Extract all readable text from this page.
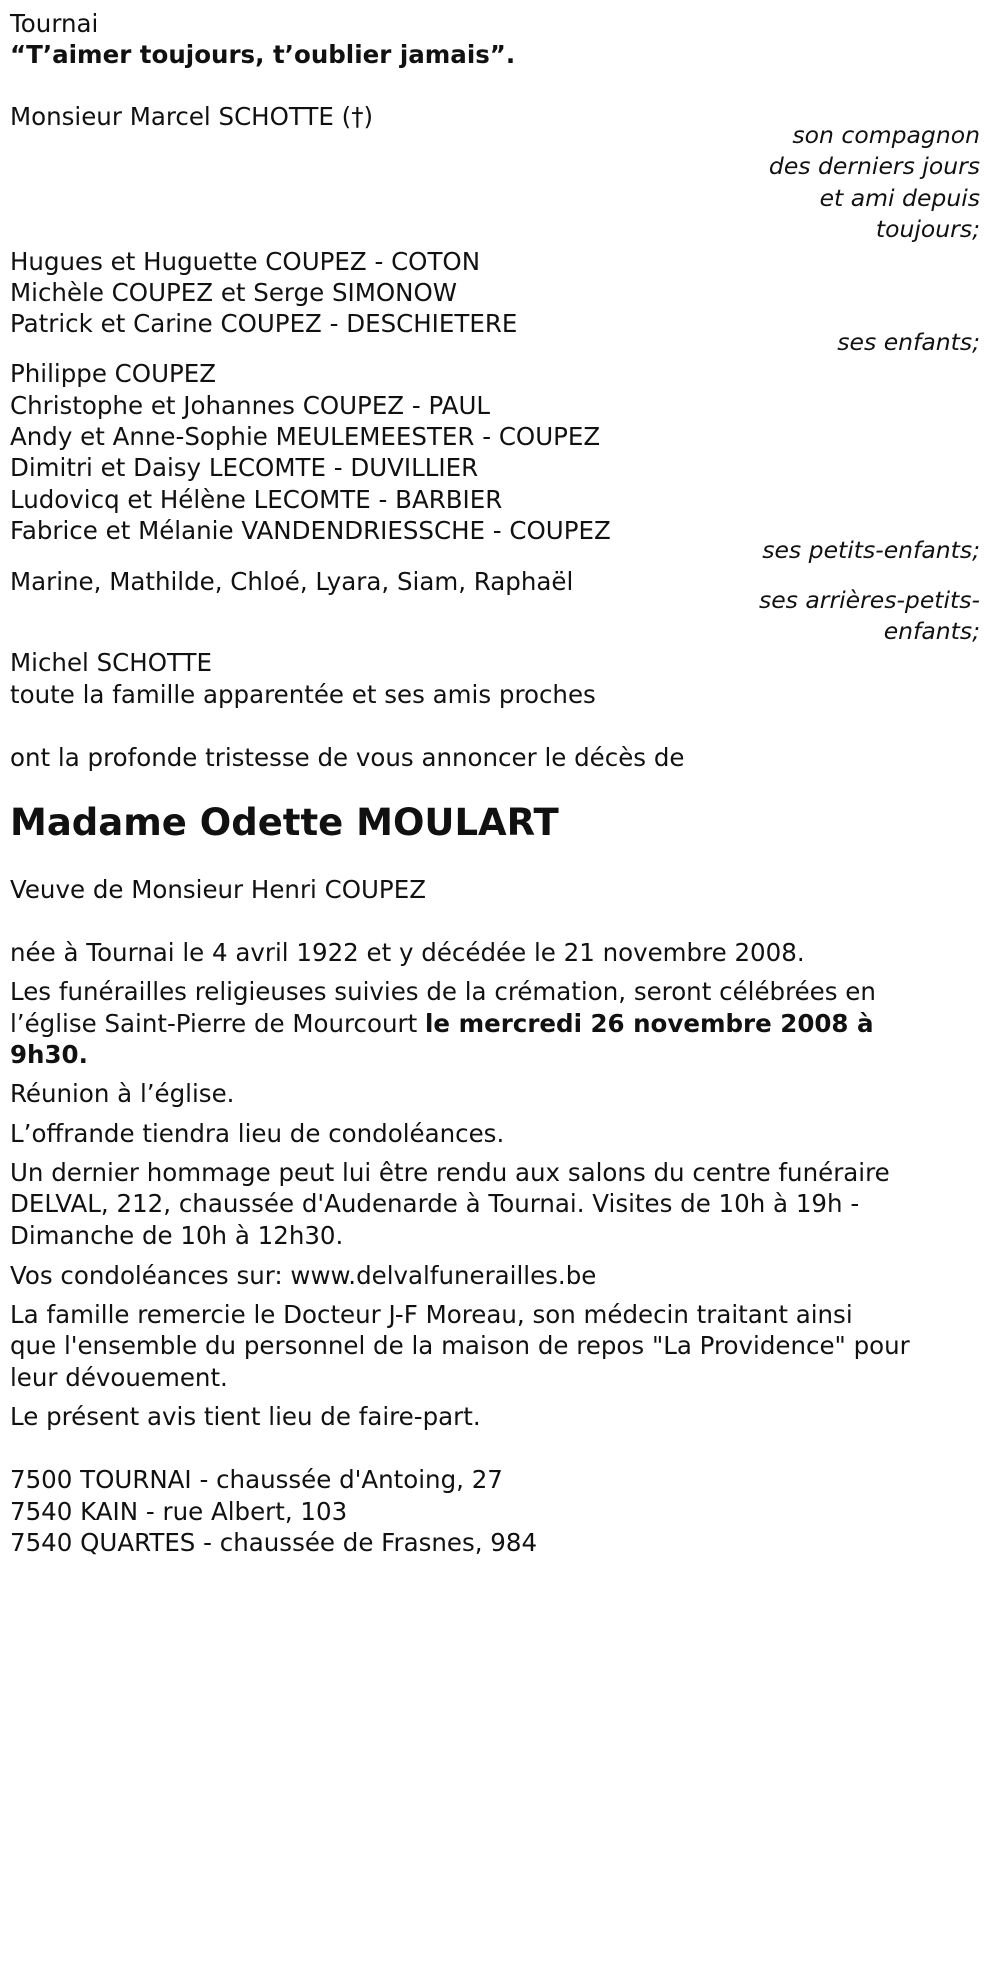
Tournai
“T’aimer toujours, t’oublier jamais”.
Monsieur Marcel SCHOTTE (†)
son compagnon
des derniers jours
et ami depuis
toujours;
Hugues et Huguette COUPEZ - COTON
Michèle COUPEZ et Serge SIMONOW
Patrick et Carine COUPEZ - DESCHIETERE
ses enfants;
Philippe COUPEZ
Christophe et Johannes COUPEZ - PAUL
Andy et Anne-Sophie MEULEMEESTER - COUPEZ
Dimitri et Daisy LECOMTE - DUVILLIER
Ludovicq et Hélène LECOMTE - BARBIER
Fabrice et Mélanie VANDENDRIESSCHE - COUPEZ
ses petits-enfants;
Marine, Mathilde, Chloé, Lyara, Siam, Raphaël
ses arrières-petits-
enfants;
Michel SCHOTTE
toute la famille apparentée et ses amis proches
ont la profonde tristesse de vous annoncer le décès de
Madame Odette MOULART
Veuve de Monsieur Henri COUPEZ
née à Tournai le 4 avril 1922 et y décédée le 21 novembre 2008.
Les funérailles religieuses suivies de la crémation, seront célébrées en
l’église Saint-Pierre de Mourcourt le mercredi 26 novembre 2008 à
9h30.
Réunion à l’église.
L’offrande tiendra lieu de condoléances.
Un dernier hommage peut lui être rendu aux salons du centre funéraire
DELVAL, 212, chaussée d'Audenarde à Tournai. Visites de 10h à 19h -
Dimanche de 10h à 12h30.
Vos condoléances sur: www.delvalfunerailles.be
La famille remercie le Docteur J-F Moreau, son médecin traitant ainsi
que l'ensemble du personnel de la maison de repos "La Providence" pour
leur dévouement.
Le présent avis tient lieu de faire-part.
7500 TOURNAI - chaussée d'Antoing, 27
7540 KAIN - rue Albert, 103
7540 QUARTES - chaussée de Frasnes, 984
